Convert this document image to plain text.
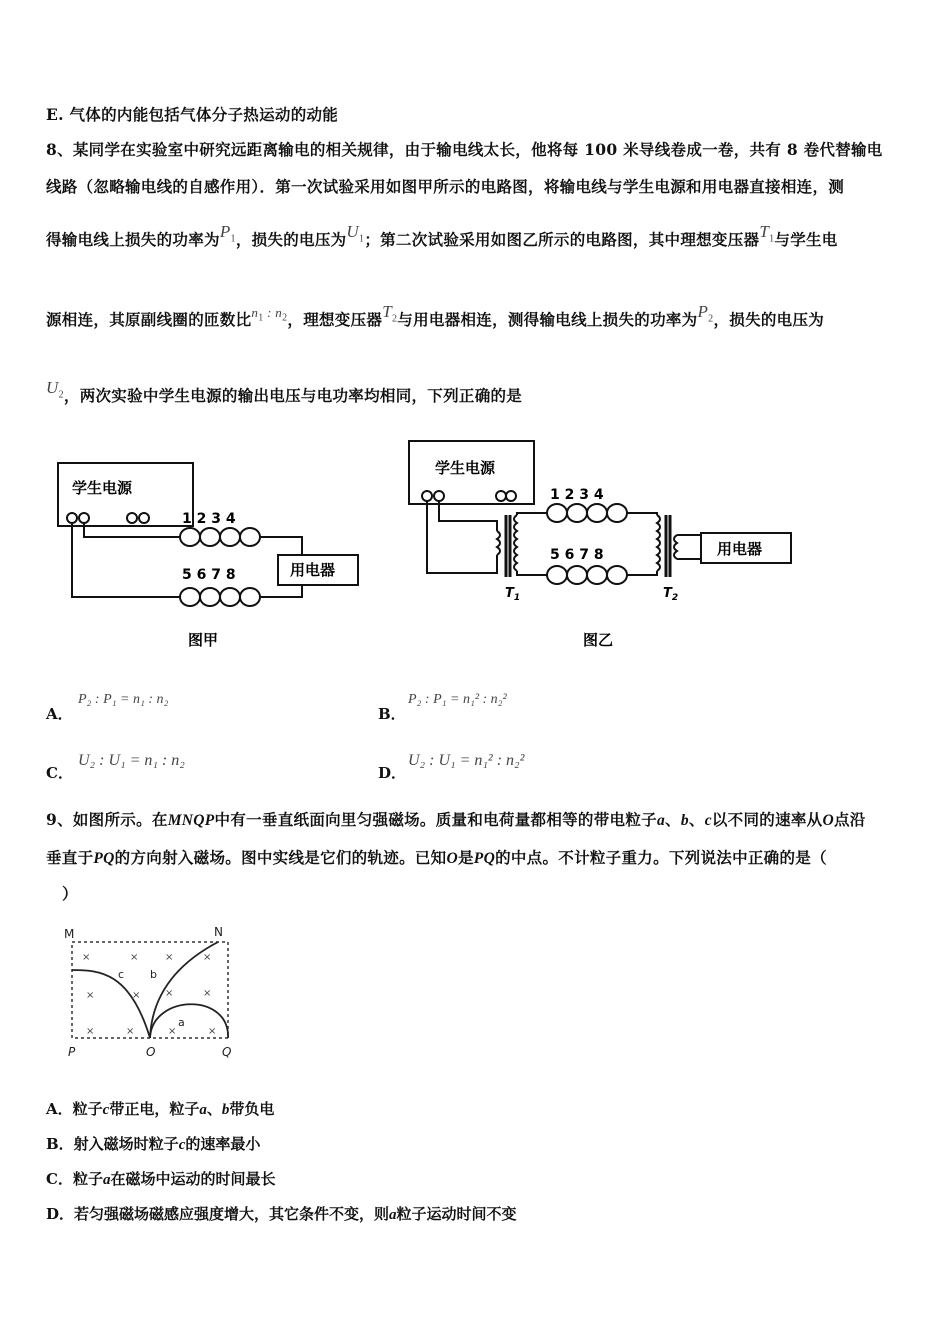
E. 气体的内能包括气体分子热运动的动能
8、某同学在实验室中研究远距离输电的相关规律，由于输电线太长，他将每 100 米导线卷成一卷，共有 8 卷代替输电
线路（忽略输电线的自感作用）．第一次试验采用如图甲所示的电路图，将输电线与学生电源和用电器直接相连，测
得输电线上损失的功率为$P_1$，损失的电压为$U_1$；第二次试验采用如图乙所示的电路图，其中理想变压器$T_1$与学生电
源相连，其原副线圈的匝数比$^{n_1 : n_2}$，理想变压器$T_2$与用电器相连，测得输电线上损失的功率为$P_2$，损失的电压为
$U_2$，两次实验中学生电源的输出电压与电功率均相同，下列正确的是
学生电源
1 2 3 4
5 6 7 8	用电器
图甲
学生电源
1 2 3 4
5 6 7 8	用电器
$T_1$	$T_2$
图乙
A．
P₂ : P₁ = n₁ : n₂
B．
P₂ : P₁ = n₁² : n₂²
C．
U₂ : U₁ = n₁ : n₂
D．
U₂ : U₁ = n₁² : n₂²
9、如图所示。在MNQP中有一垂直纸面向里匀强磁场。质量和电荷量都相等的带电粒子a、b、c以不同的速率从O点沿
垂直于PQ的方向射入磁场。图中实线是它们的轨迹。已知O是PQ的中点。不计粒子重力。下列说法中正确的是（
）
×	×	×	×
×	× ×	×
×	×	×	×
M	N
P	O	Q
a
b
c
A．粒子c带正电，粒子a、b带负电
B．射入磁场时粒子c的速率最小
C．粒子a在磁场中运动的时间最长
D．若匀强磁场磁感应强度增大，其它条件不变，则a粒子运动时间不变
